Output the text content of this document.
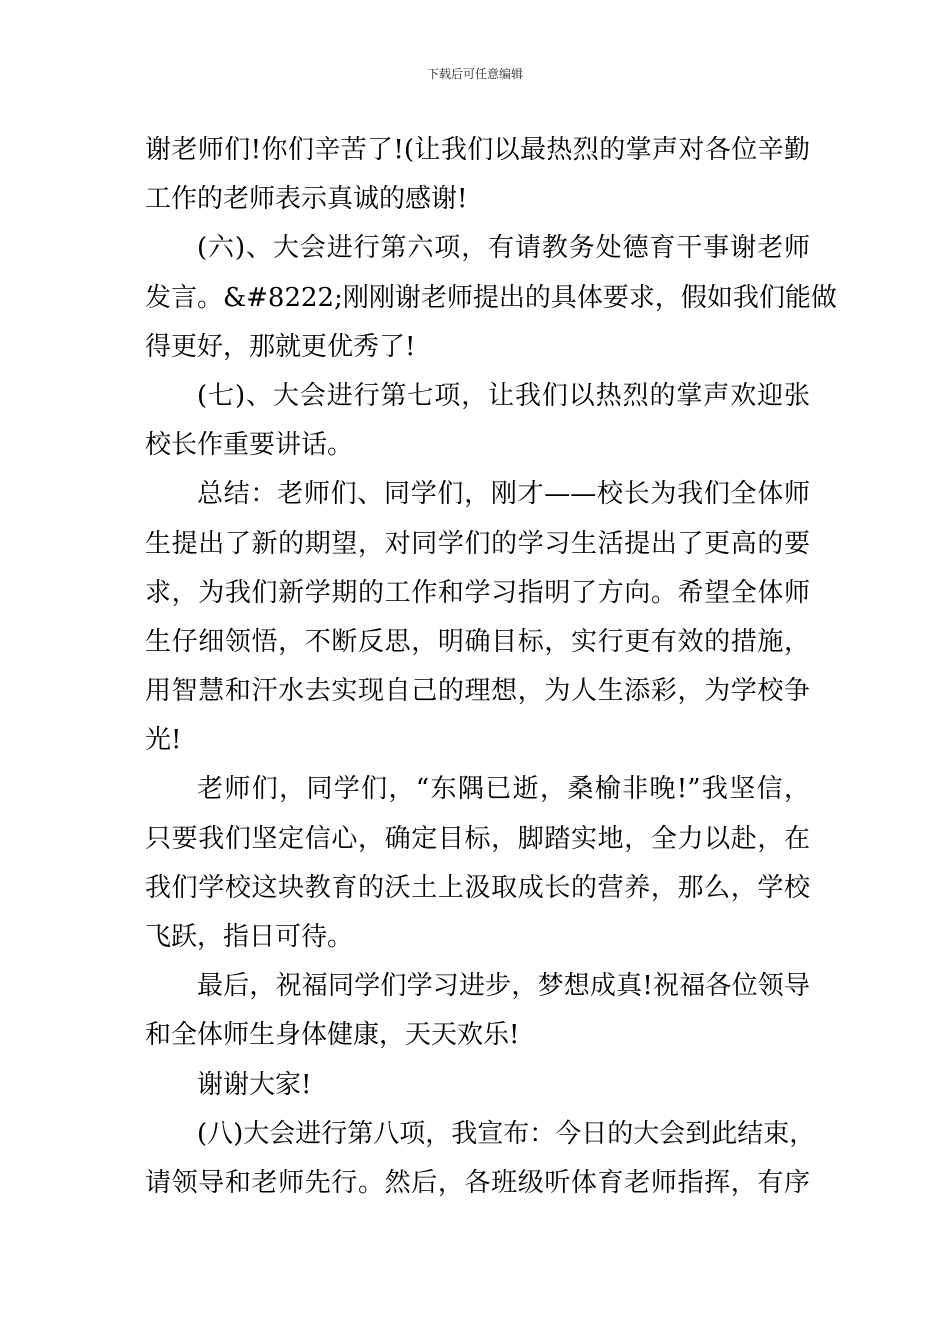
下载后可任意编辑
谢老师们!你们辛苦了!(让我们以最热烈的掌声对各位辛勤
工作的老师表示真诚的感谢!
(六)、大会进行第六项，有请教务处德育干事谢老师
发言。&#8222;刚刚谢老师提出的具体要求，假如我们能做
得更好，那就更优秀了!
(七)、大会进行第七项，让我们以热烈的掌声欢迎张
校长作重要讲话。
总结：老师们、同学们，刚才——校长为我们全体师
生提出了新的期望，对同学们的学习生活提出了更高的要
求，为我们新学期的工作和学习指明了方向。希望全体师
生仔细领悟，不断反思，明确目标，实行更有效的措施，
用智慧和汗水去实现自己的理想，为人生添彩，为学校争
光!
老师们，同学们，“东隅已逝，桑榆非晚!”我坚信，
只要我们坚定信心，确定目标，脚踏实地，全力以赴，在
我们学校这块教育的沃土上汲取成长的营养，那么，学校
飞跃，指日可待。
最后，祝福同学们学习进步，梦想成真!祝福各位领导
和全体师生身体健康，天天欢乐!
谢谢大家!
(八)大会进行第八项，我宣布：今日的大会到此结束，
请领导和老师先行。然后，各班级听体育老师指挥，有序
